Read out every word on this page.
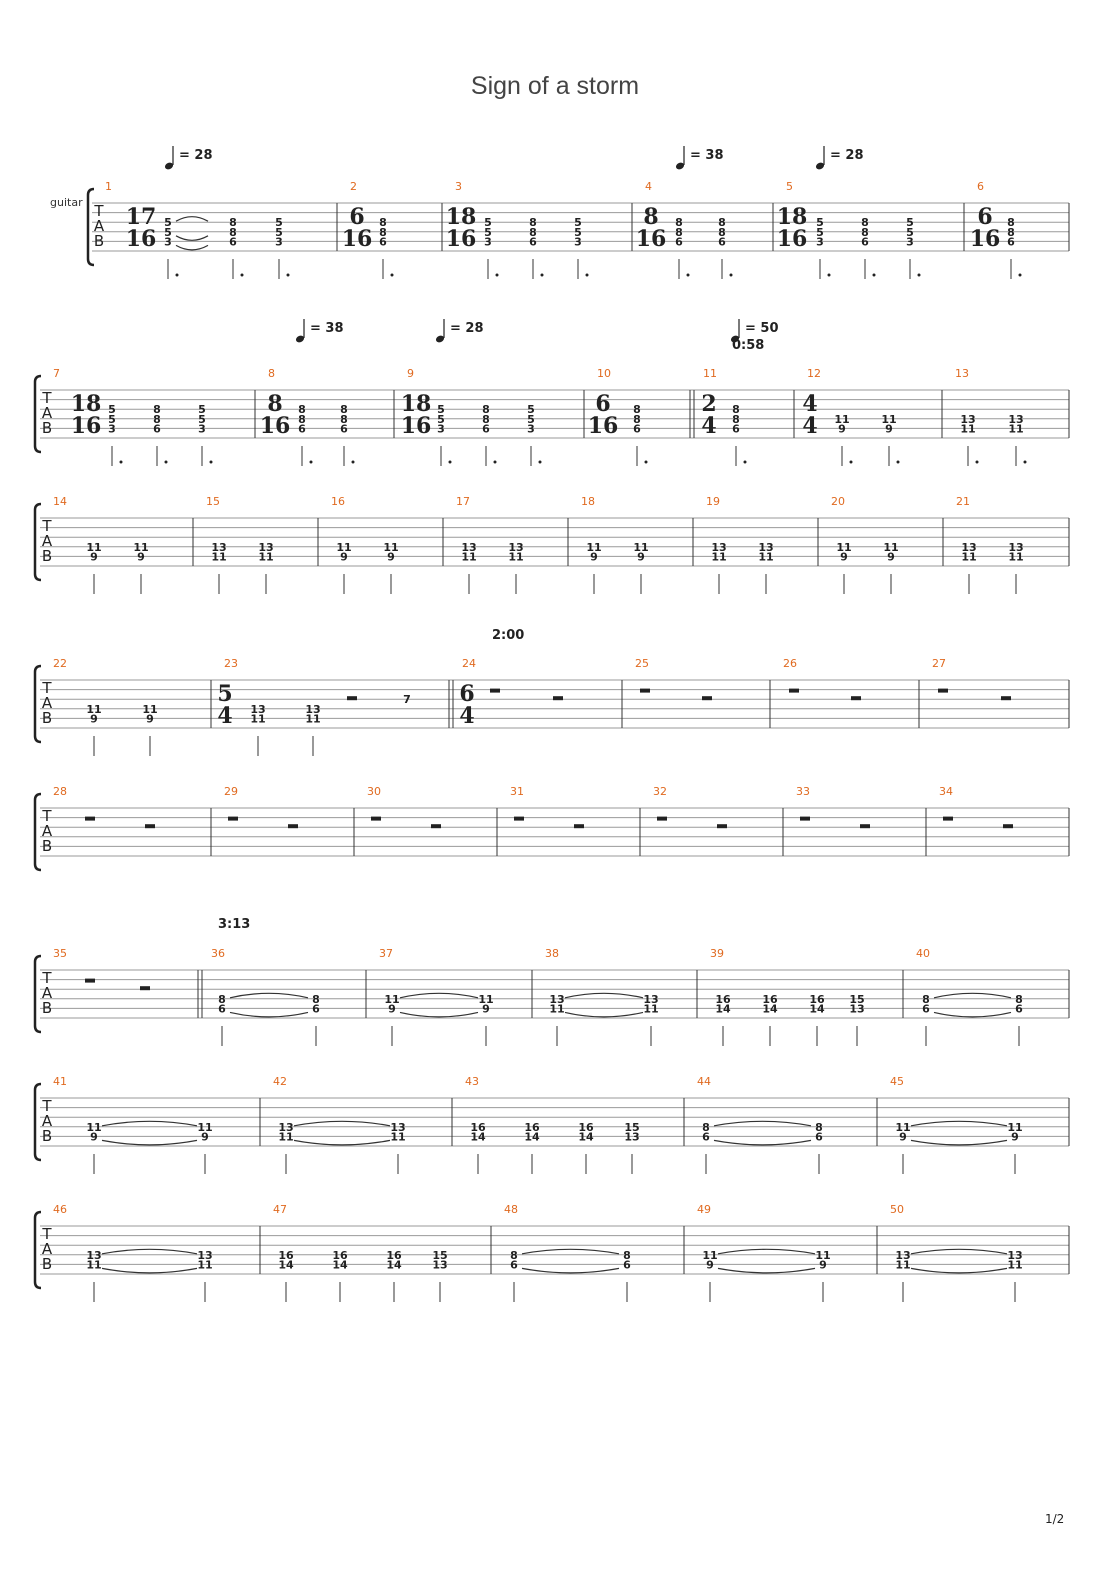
Sign of a storm
guitar
1/2
T
A
B
1
17
16
5
5
3
8
8
6
5
5
3
2
6
16
8
8
6
3
18
16
5
5
3
8
8
6
5
5
3
4
8
16
8
8
6
8
8
6
5
18
16
5
5
3
8
8
6
5
5
3
6
6
16
8
8
6
T
A
B
7
18
16
5
5
3
8
8
6
5
5
3
8
8
16
8
8
6
8
8
6
9
18
16
5
5
3
8
8
6
5
5
3
10
6
16
8
8
6
11
2
4
8
8
6
12
4
4 11
9
11
9
13
13
11
13
11
T
A
B
14
11
9
11
9
15
13
11
13
11
16
11
9
11
9
17
13
11
13
11
18
11
9
11
9
19
13
11
13
11
20
11
9
11
9
21
13
11
13
11
T
A
B
22
11
9
11
9
23
5
4 13
11
13
11
24
6
4
25	26	27
T
A
B
28	29	30	31	32	33	34
T
A
B
35	36
8
6
8
6
37
11
9
11
9
38
13
11
13
11
39
16
14
16
14
16
14
15
13
40
8
6
8
6
T
A
B
41
11
9
11
9
42
13
11
13
11
43
16
14
16
14
16
14
15
13
44
8
6
8
6
45
11
9
11
9
T
A
B
46
13
11
13
11
47
16
14
16
14
16
14
15
13
48
8
6
8
6
49
11
9
11
9
50
13
11
13
11
7
= 28	= 38	= 28
= 38	= 28	= 50
0:58
2:00
3:13
